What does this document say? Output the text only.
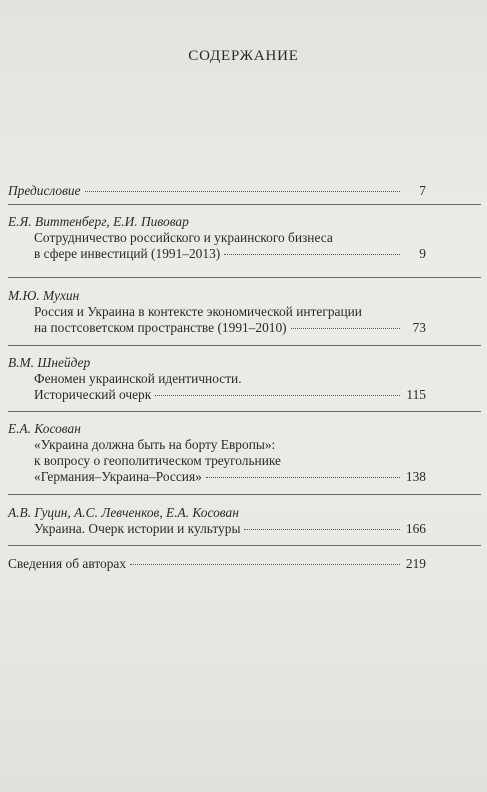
СОДЕРЖАНИЕ
Предисловие	7
Е.Я. Виттенберг, Е.И. Пивовар
Сотрудничество российского и украинского бизнеса
в сфере инвестиций (1991–2013)	9
М.Ю. Мухин
Россия и Украина в контексте экономической интеграции
на постсоветском пространстве (1991–2010)	73
В.М. Шнейдер
Феномен украинской идентичности.
Исторический очерк	115
Е.А. Косован
«Украина должна быть на борту Европы»:
к вопросу о геополитическом треугольнике
«Германия–Украина–Россия»	138
А.В. Гуцин, А.С. Левченков, Е.А. Косован
Украина. Очерк истории и культуры	166
Сведения об авторах	219
